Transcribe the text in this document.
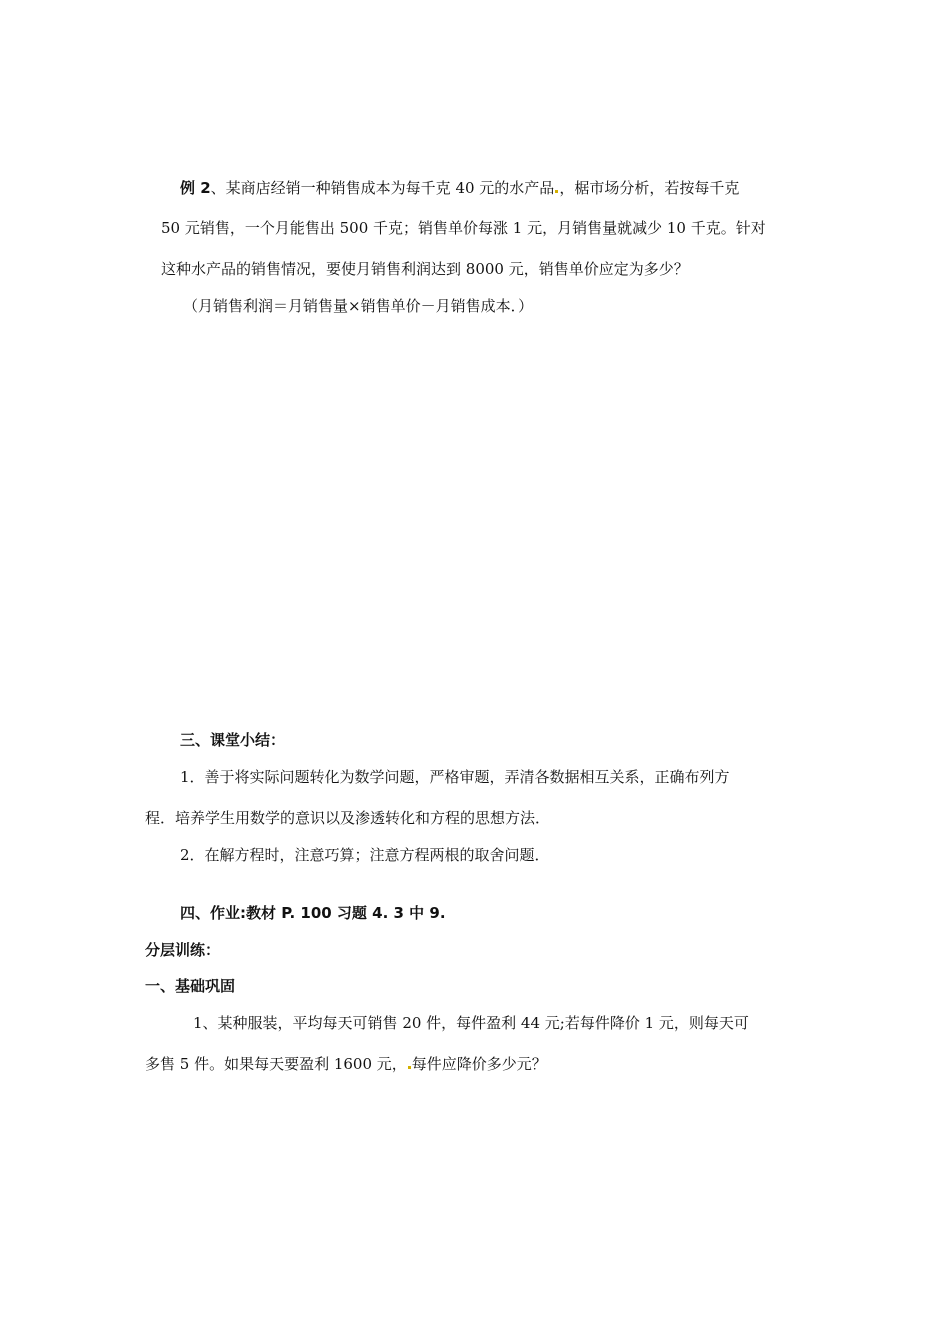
例 2、某商店经销一种销售成本为每千克 40 元的水产品 ，椐市场分析，若按每千克

50 元销售，一个月能售出 500 千克；销售单价每涨 1 元，月销售量就减少 10 千克。针对

这种水产品的销售情况，要使月销售利润达到 8000 元，销售单价应定为多少？

（月销售利润＝月销售量×销售单价－月销售成本．）

三、课堂小结：

1．善于将实际问题转化为数学问题，严格审题，弄清各数据相互关系，正确布列方

程．培养学生用数学的意识以及渗透转化和方程的思想方法．

2．在解方程时，注意巧算；注意方程两根的取舍问题．

四、作业:教材 P. 100 习题 4. 3 中 9.

分层训练：

一、基础巩固

1、某种服装，平均每天可销售 20 件，每件盈利 44 元;若每件降价 1 元，则每天可

多售 5 件。如果每天要盈利 1600 元， 每件应降价多少元？
